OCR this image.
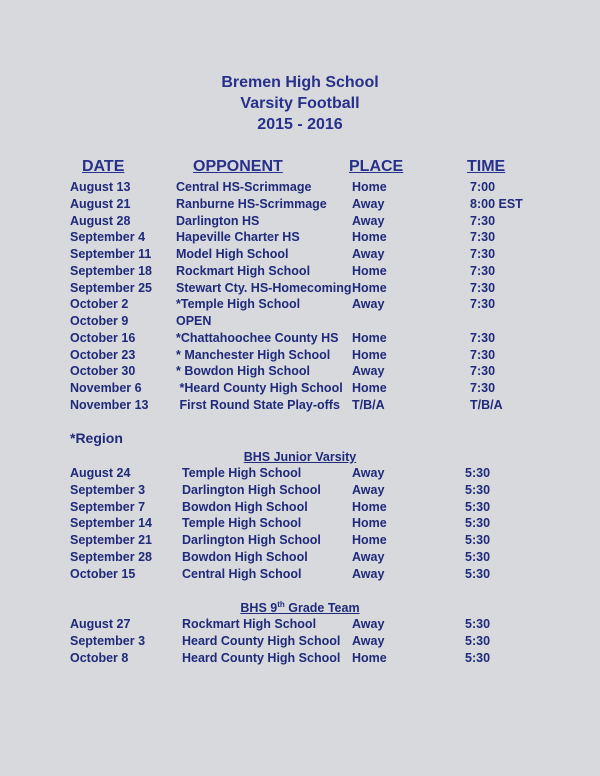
Bremen High School
Varsity Football
2015 - 2016
DATE	OPPONENT	PLACE	TIME
August 13	Central HS-Scrimmage	Home	7:00
August 21	Ranburne HS-Scrimmage Away	8:00 EST
August 28	Darlington HS	Away	7:30
September 4 Hapeville Charter HS	Home	7:30
September 11 Model High School	Away	7:30
September 18 Rockmart High School	Home	7:30
September 25 Stewart Cty. HS-Homecoming Home	7:30
October 2	*Temple High School	Away	7:30
October 9	OPEN
October 16	*Chattahoochee County HS Home	7:30
October 23	* Manchester High School Home	7:30
October 30	* Bowdon High School	Away	7:30
November 6	*Heard County High School Home	7:30
November 13 First Round State Play-offs T/B/A	T/B/A
*Region
BHS Junior Varsity
August 24	Temple High School	Away	5:30
September 3	Darlington High School Away	5:30
September 7	Bowdon High School	Home	5:30
September 14 Temple High School	Home	5:30
September 21 Darlington High School Home	5:30
September 28 Bowdon High School	Away	5:30
October 15	Central High School	Away	5:30
BHS 9th Grade Team
August 27	Rockmart High School	Away	5:30
September 3	Heard County High School Away	5:30
October 8	Heard County High School Home	5:30
